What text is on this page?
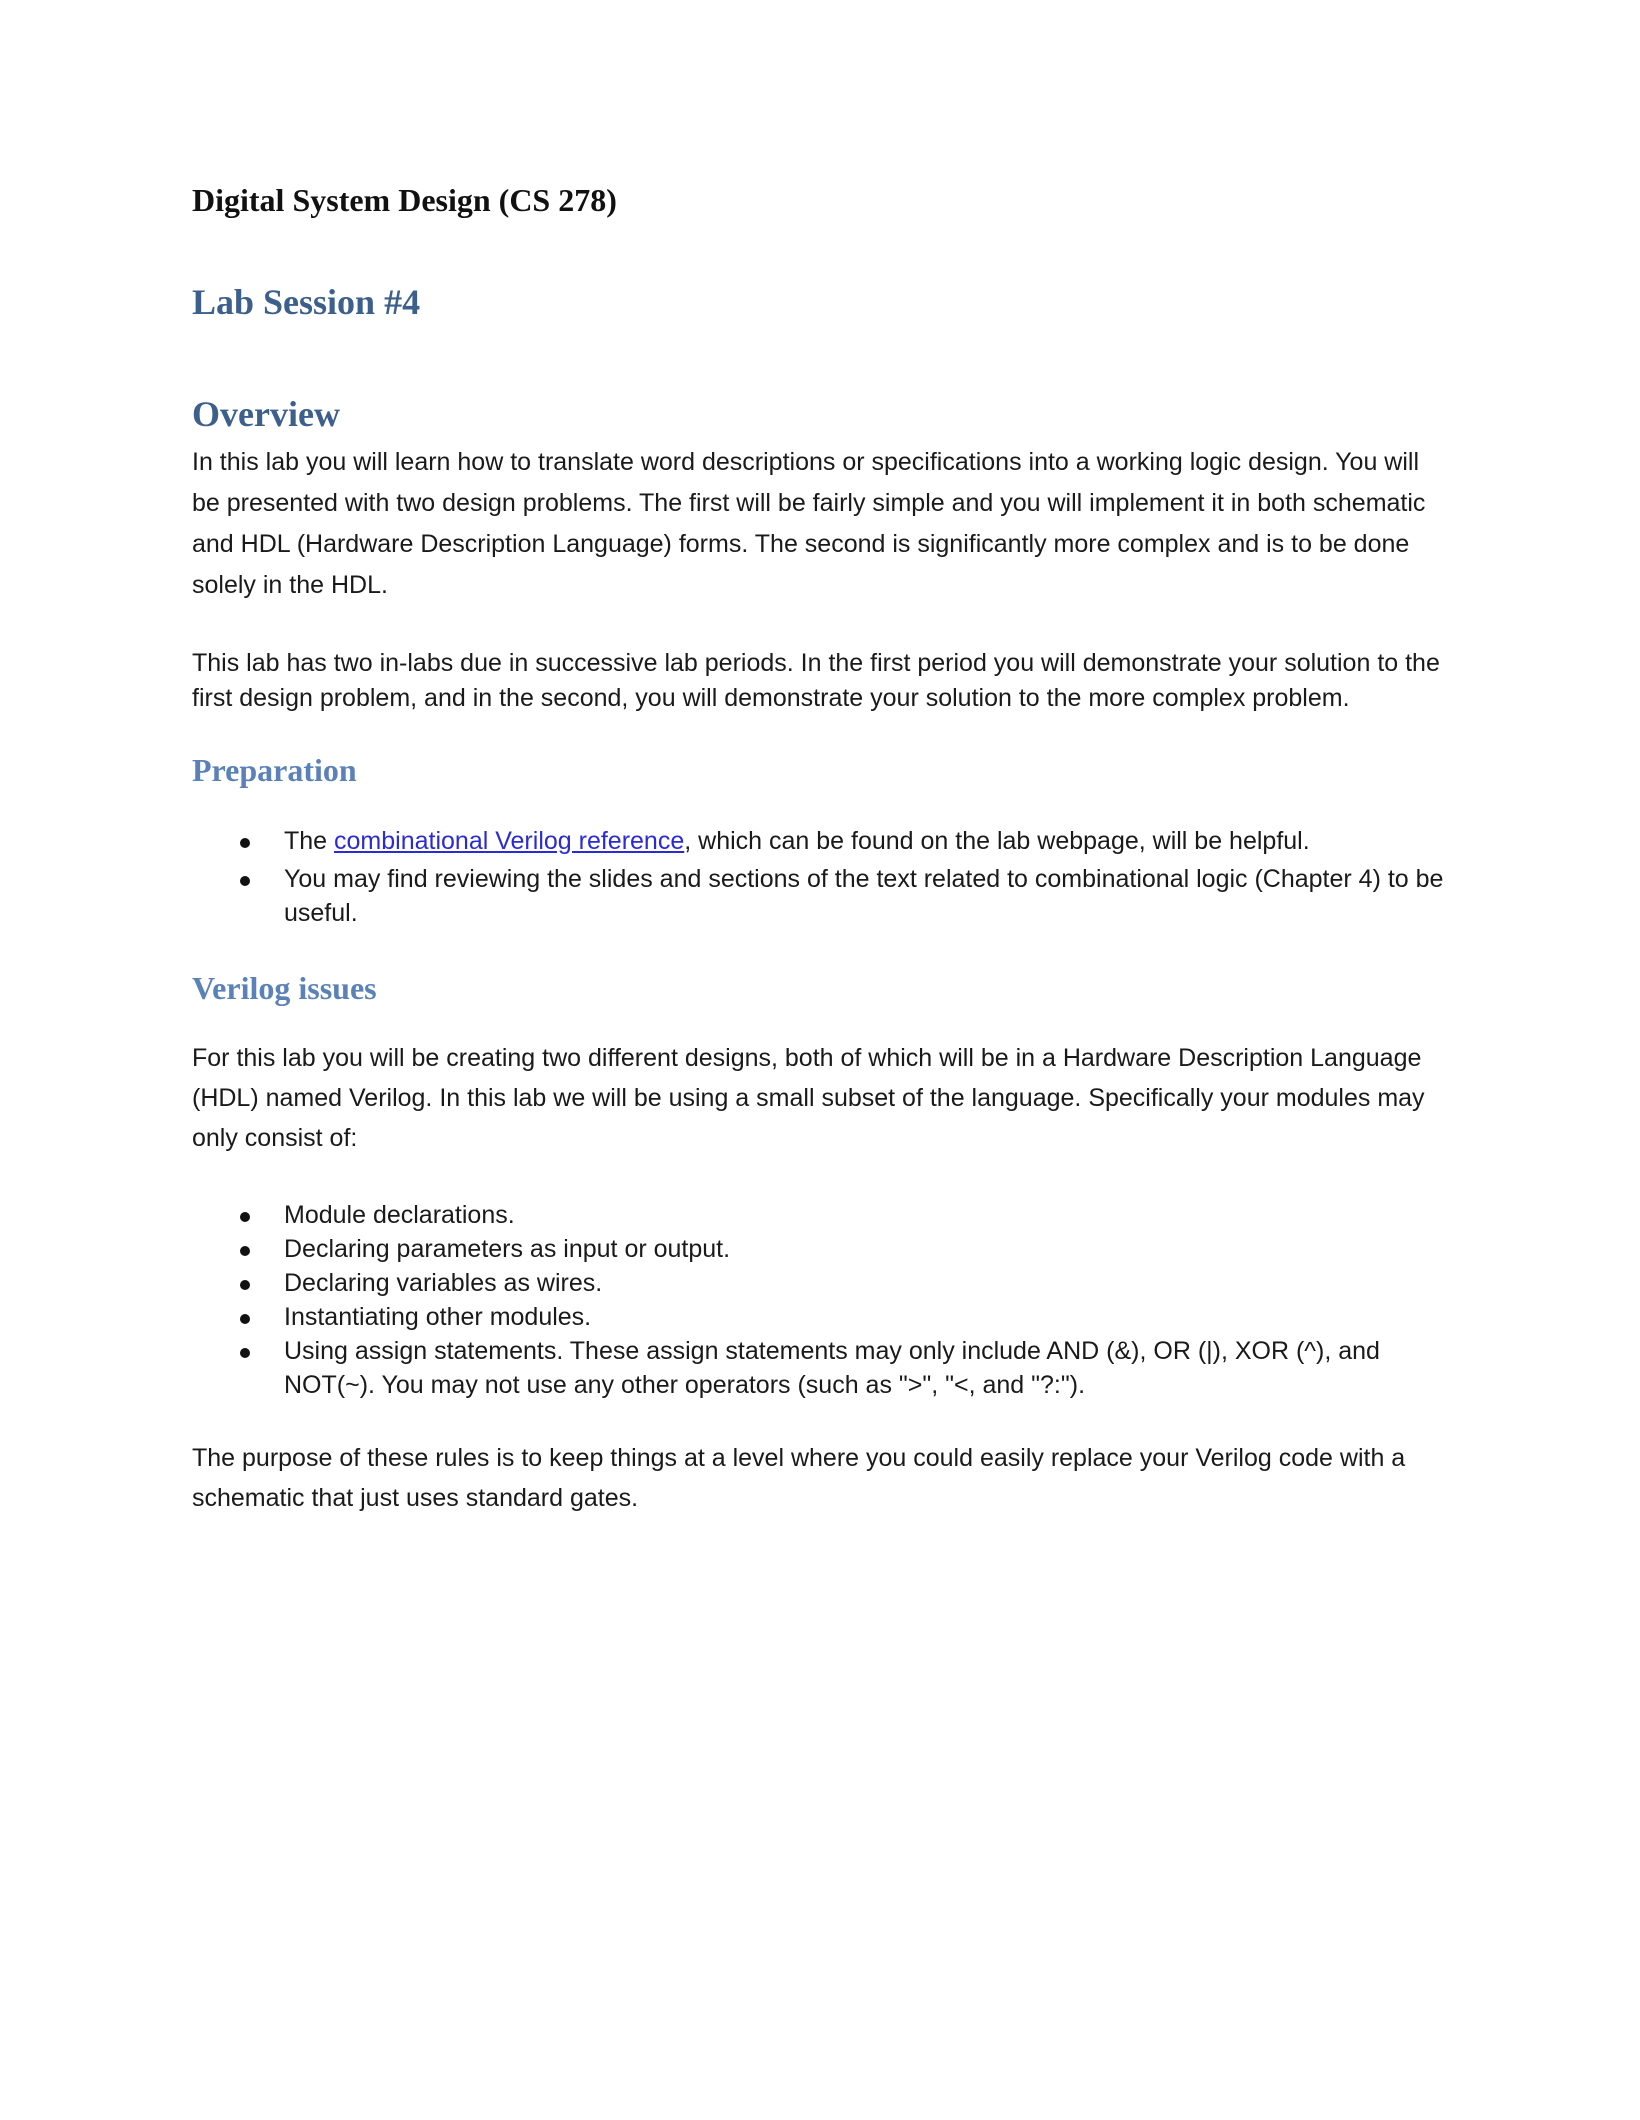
Digital System Design (CS 278)
Lab Session #4
Overview

In this lab you will learn how to translate word descriptions or specifications into a working logic design. You will be presented with two design problems. The first will be fairly simple and you will implement it in both schematic and HDL (Hardware Description Language) forms. The second is significantly more complex and is to be done solely in the HDL.

This lab has two in-labs due in successive lab periods. In the first period you will demonstrate your solution to the first design problem, and in the second, you will demonstrate your solution to the more complex problem.

Preparation
The combinational Verilog reference, which can be found on the lab webpage, will be helpful.
You may find reviewing the slides and sections of the text related to combinational logic (Chapter 4) to be useful.
Verilog issues

For this lab you will be creating two different designs, both of which will be in a Hardware Description Language (HDL) named Verilog. In this lab we will be using a small subset of the language. Specifically your modules may only consist of:

Module declarations.
Declaring parameters as input or output.
Declaring variables as wires.
Instantiating other modules.
Using assign statements. These assign statements may only include AND (&), OR (|), XOR (^), and NOT(~). You may not use any other operators (such as ">", "<, and "?:").

The purpose of these rules is to keep things at a level where you could easily replace your Verilog code with a schematic that just uses standard gates.
